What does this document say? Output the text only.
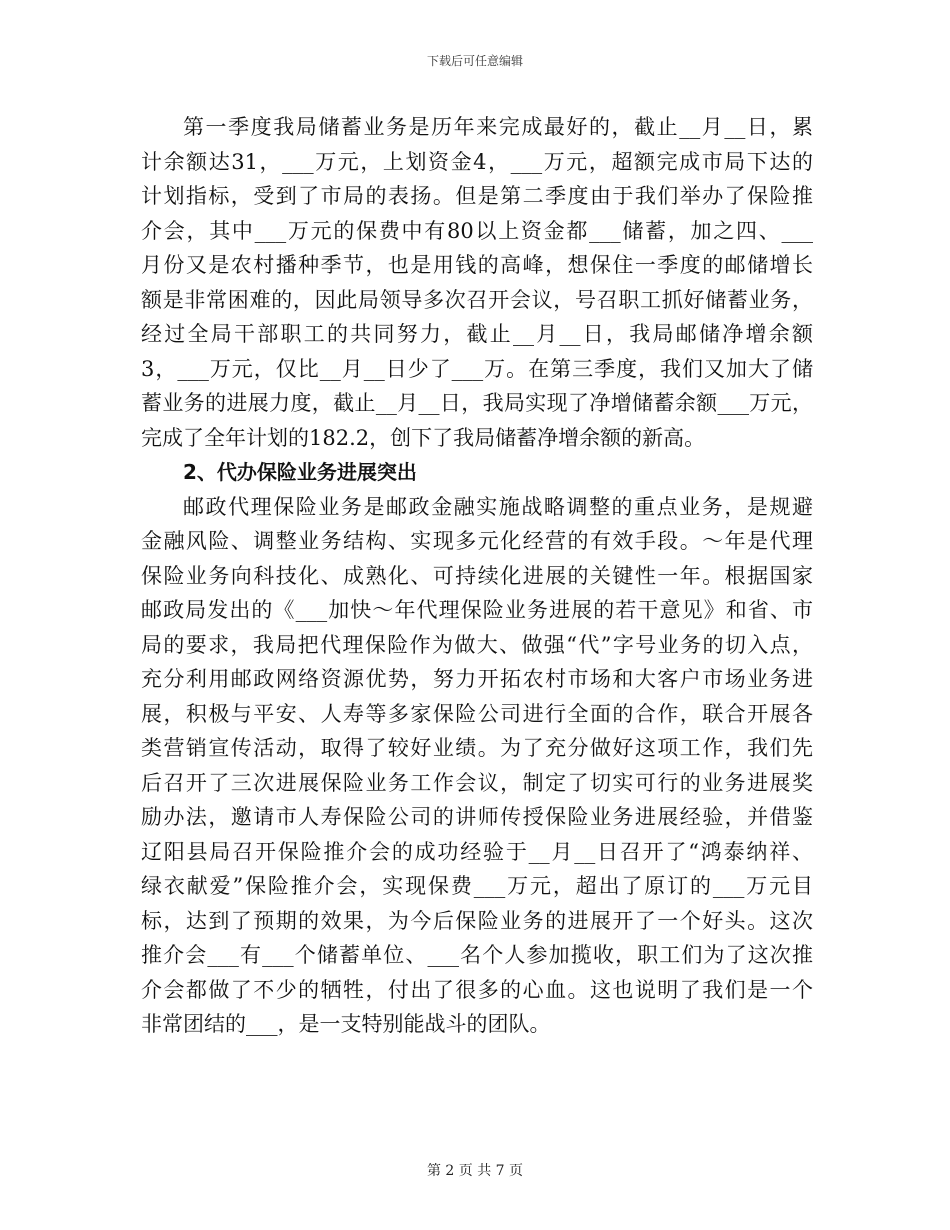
下载后可任意编辑
第一季度我局储蓄业务是历年来完成最好的，截止__月__日，累
计余额达31，___万元，上划资金4，___万元，超额完成市局下达的
计划指标，受到了市局的表扬。但是第二季度由于我们举办了保险推
介会，其中___万元的保费中有80以上资金都___储蓄，加之四、___
月份又是农村播种季节，也是用钱的高峰，想保住一季度的邮储增长
额是非常困难的，因此局领导多次召开会议，号召职工抓好储蓄业务，
经过全局干部职工的共同努力，截止__月__日，我局邮储净增余额
3，___万元，仅比__月__日少了___万。在第三季度，我们又加大了储
蓄业务的进展力度，截止__月__日，我局实现了净增储蓄余额___万元，
完成了全年计划的182.2，创下了我局储蓄净增余额的新高。
2、代办保险业务进展突出
邮政代理保险业务是邮政金融实施战略调整的重点业务，是规避
金融风险、调整业务结构、实现多元化经营的有效手段。～年是代理
保险业务向科技化、成熟化、可持续化进展的关键性一年。根据国家
邮政局发出的《___加快～年代理保险业务进展的若干意见》和省、市
局的要求，我局把代理保险作为做大、做强“代”字号业务的切入点，
充分利用邮政网络资源优势，努力开拓农村市场和大客户市场业务进
展，积极与平安、人寿等多家保险公司进行全面的合作，联合开展各
类营销宣传活动，取得了较好业绩。为了充分做好这项工作，我们先
后召开了三次进展保险业务工作会议，制定了切实可行的业务进展奖
励办法，邀请市人寿保险公司的讲师传授保险业务进展经验，并借鉴
辽阳县局召开保险推介会的成功经验于__月__日召开了“鸿泰纳祥、
绿衣献爱”保险推介会，实现保费___万元，超出了原订的___万元目
标，达到了预期的效果，为今后保险业务的进展开了一个好头。这次
推介会___有___个储蓄单位、___名个人参加揽收，职工们为了这次推
介会都做了不少的牺牲，付出了很多的心血。这也说明了我们是一个
非常团结的___，是一支特别能战斗的团队。
第 2 页 共 7 页
